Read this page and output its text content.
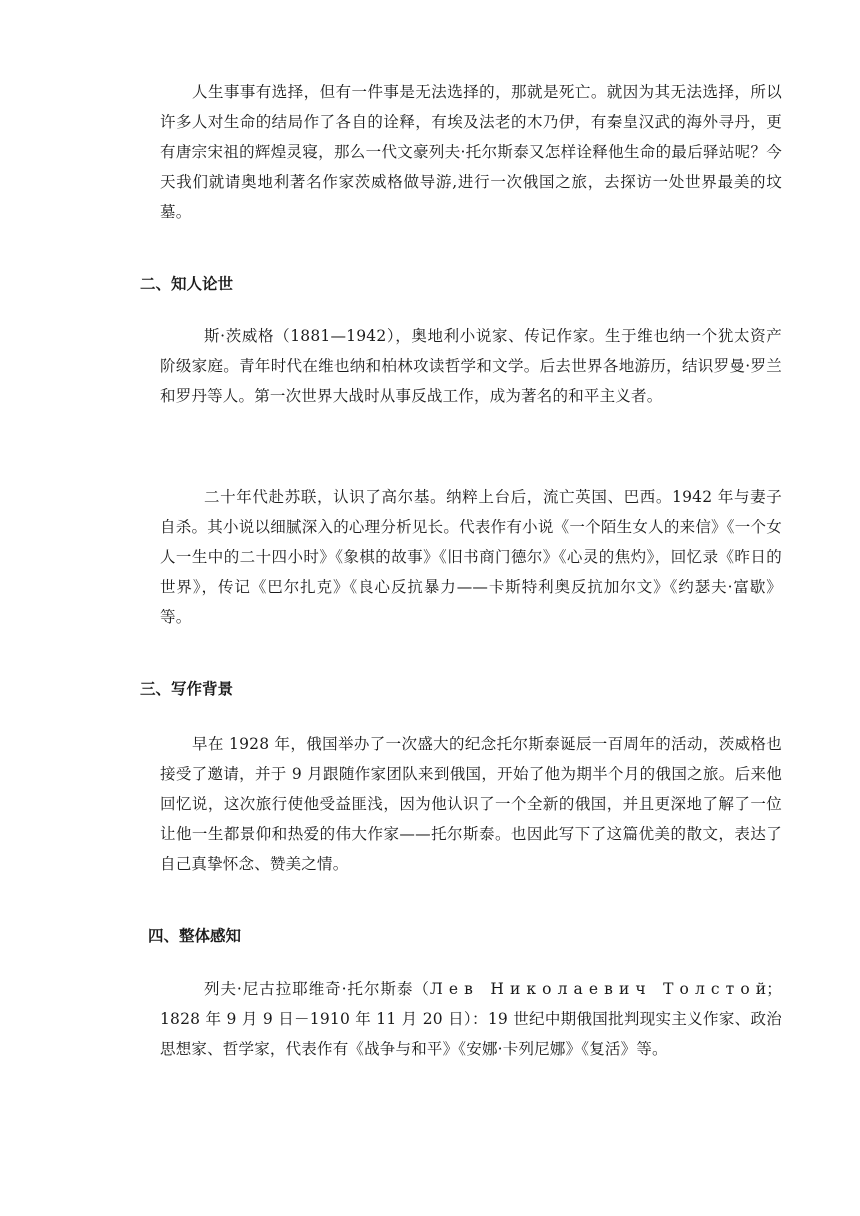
人生事事有选择，但有一件事是无法选择的，那就是死亡。就因为其无法选择，所以许多人对生命的结局作了各自的诠释，有埃及法老的木乃伊，有秦皇汉武的海外寻丹，更有唐宗宋祖的辉煌灵寝，那么一代文豪列夫·托尔斯泰又怎样诠释他生命的最后驿站呢？今天我们就请奥地利著名作家茨威格做导游,进行一次俄国之旅，去探访一处世界最美的坟墓。

二、知人论世

斯·茨威格（1881—1942），奥地利小说家、传记作家。生于维也纳一个犹太资产阶级家庭。青年时代在维也纳和柏林攻读哲学和文学。后去世界各地游历，结识罗曼·罗兰和罗丹等人。第一次世界大战时从事反战工作，成为著名的和平主义者。

二十年代赴苏联，认识了高尔基。纳粹上台后，流亡英国、巴西。1942 年与妻子自杀。其小说以细腻深入的心理分析见长。代表作有小说《一个陌生女人的来信》《一个女人一生中的二十四小时》《象棋的故事》《旧书商门德尔》《心灵的焦灼》，回忆录《昨日的世界》，传记《巴尔扎克》《良心反抗暴力——卡斯特利奥反抗加尔文》《约瑟夫·富歇》等。

三、写作背景

早在 1928 年，俄国举办了一次盛大的纪念托尔斯泰诞辰一百周年的活动，茨威格也接受了邀请，并于 9 月跟随作家团队来到俄国，开始了他为期半个月的俄国之旅。后来他回忆说，这次旅行使他受益匪浅，因为他认识了一个全新的俄国，并且更深地了解了一位让他一生都景仰和热爱的伟大作家——托尔斯泰。也因此写下了这篇优美的散文，表达了自己真挚怀念、赞美之情。

四、整体感知

列夫·尼古拉耶维奇·托尔斯泰（Л е в　Н и к о л а е в и ч　Т о л с т о й；1828 年 9 月 9 日－1910 年 11 月 20 日）：19 世纪中期俄国批判现实主义作家、政治思想家、哲学家，代表作有《战争与和平》《安娜·卡列尼娜》《复活》等。
